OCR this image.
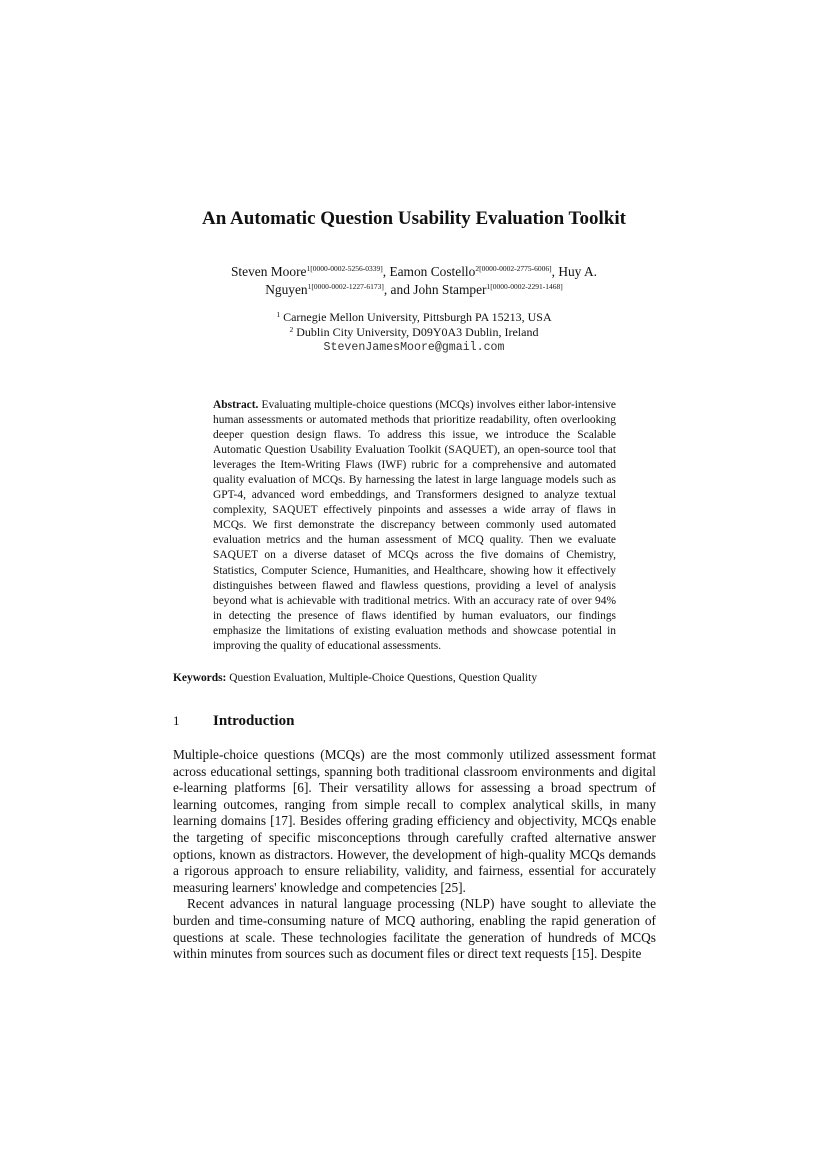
An Automatic Question Usability Evaluation Toolkit
Steven Moore$^{1[0000-0002-5256-0339]}$, Eamon Costello$^{2[0000-0002-2775-6006]}$, Huy A. Nguyen$^{1[0000-0002-1227-6173]}$, and John Stamper$^{1[0000-0002-2291-1468]}$
$^1$ Carnegie Mellon University, Pittsburgh PA 15213, USA
$^2$ Dublin City University, D09Y0A3 Dublin, Ireland
StevenJamesMoore@gmail.com
Abstract. Evaluating multiple-choice questions (MCQs) involves either labor-intensive human assessments or automated methods that prioritize readability, often overlooking deeper question design flaws. To address this issue, we introduce the Scalable Automatic Question Usability Evaluation Toolkit (SAQUET), an open-source tool that leverages the Item-Writing Flaws (IWF) rubric for a comprehensive and automated quality evaluation of MCQs. By harnessing the latest in large language models such as GPT-4, advanced word embeddings, and Transformers designed to analyze textual complexity, SAQUET effectively pinpoints and assesses a wide array of flaws in MCQs. We first demonstrate the discrepancy between commonly used automated evaluation metrics and the human assessment of MCQ quality. Then we evaluate SAQUET on a diverse dataset of MCQs across the five domains of Chemistry, Statistics, Computer Science, Humanities, and Healthcare, showing how it effectively distinguishes between flawed and flawless questions, providing a level of analysis beyond what is achievable with traditional metrics. With an accuracy rate of over 94% in detecting the presence of flaws identified by human evaluators, our findings emphasize the limitations of existing evaluation methods and showcase potential in improving the quality of educational assessments.
Keywords: Question Evaluation, Multiple-Choice Questions, Question Quality
1 Introduction

Multiple-choice questions (MCQs) are the most commonly utilized assessment format across educational settings, spanning both traditional classroom environments and digital e-learning platforms [6]. Their versatility allows for assessing a broad spectrum of learning outcomes, ranging from simple recall to complex analytical skills, in many learning domains [17]. Besides offering grading efficiency and objectivity, MCQs enable the targeting of specific misconceptions through carefully crafted alternative answer options, known as distractors. However, the development of high-quality MCQs demands a rigorous approach to ensure reliability, validity, and fairness, essential for accurately measuring learners' knowledge and competencies [25].

Recent advances in natural language processing (NLP) have sought to alleviate the burden and time-consuming nature of MCQ authoring, enabling the rapid generation of questions at scale. These technologies facilitate the generation of hundreds of MCQs within minutes from sources such as document files or direct text requests [15]. Despite
